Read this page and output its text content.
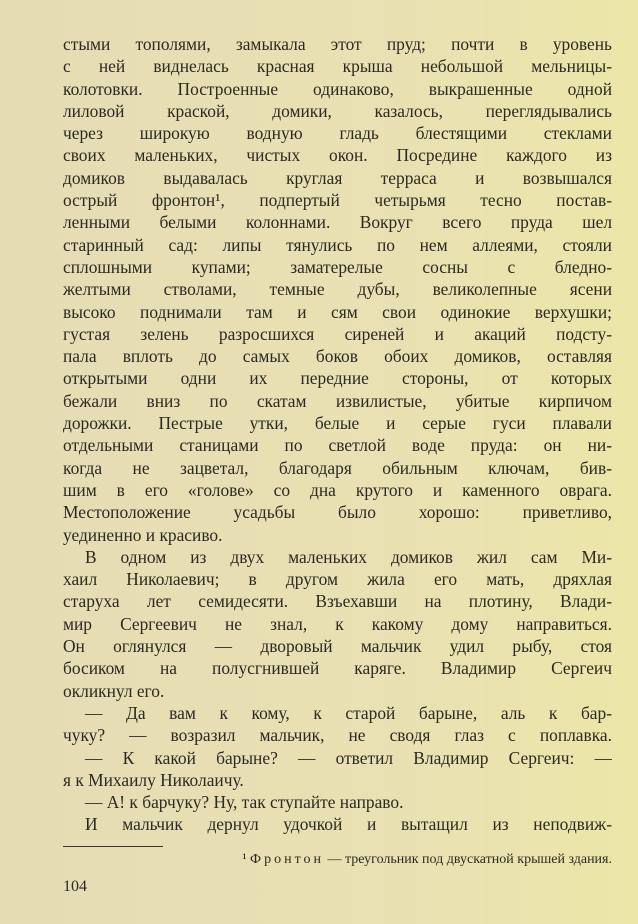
стыми тополями, замыкала этот пруд; почти в уровень
с ней виднелась красная крыша небольшой мельницы-
колотовки. Построенные одинаково, выкрашенные одной
лиловой краской, домики, казалось, переглядывались
через широкую водную гладь блестящими стеклами
своих маленьких, чистых окон. Посредине каждого из
домиков выдавалась круглая терраса и возвышался
острый фронтон¹, подпертый четырьмя тесно постав-
ленными белыми колоннами. Вокруг всего пруда шел
старинный сад: липы тянулись по нем аллеями, стояли
сплошными купами; заматерелые сосны с бледно-
желтыми стволами, темные дубы, великолепные ясени
высоко поднимали там и сям свои одинокие верхушки;
густая зелень разросшихся сиреней и акаций подсту-
пала вплоть до самых боков обоих домиков, оставляя
открытыми одни их передние стороны, от которых
бежали вниз по скатам извилистые, убитые кирпичом
дорожки. Пестрые утки, белые и серые гуси плавали
отдельными станицами по светлой воде пруда: он ни-
когда не зацветал, благодаря обильным ключам, бив-
шим в его «голове» со дна крутого и каменного оврага.
Местоположение усадьбы было хорошо: приветливо,
уединенно и красиво.
В одном из двух маленьких домиков жил сам Ми-
хаил Николаевич; в другом жила его мать, дряхлая
старуха лет семидесяти. Взъехавши на плотину, Влади-
мир Сергеевич не знал, к какому дому направиться.
Он оглянулся — дворовый мальчик удил рыбу, стоя
босиком на полусгнившей каряге. Владимир Сергеич
окликнул его.
— Да вам к кому, к старой барыне, аль к бар-
чуку? — возразил мальчик, не сводя глаз с поплавка.
— К какой барыне? — ответил Владимир Сергеич: —
я к Михаилу Николаичу.
— А! к барчуку? Ну, так ступайте направо.
И мальчик дернул удочкой и вытащил из неподвиж-
¹ Фронтон — треугольник под двускатной крышей здания.
104
